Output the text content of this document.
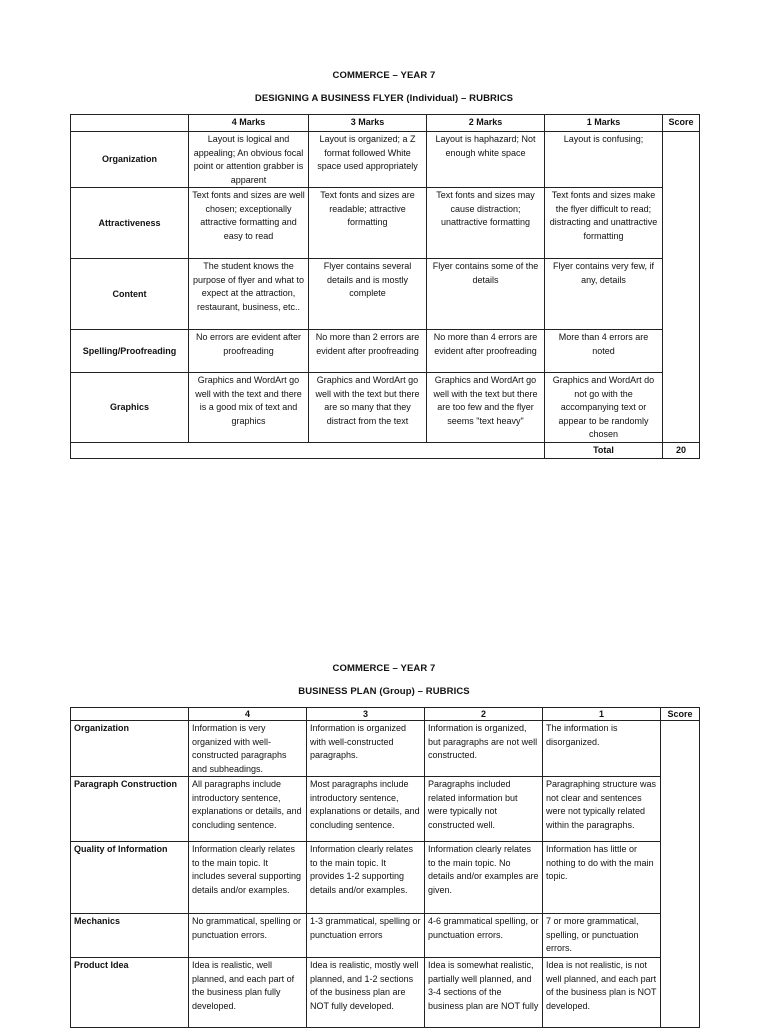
COMMERCE – YEAR 7
DESIGNING A BUSINESS FLYER (Individual) – RUBRICS
	4 Marks	3 Marks	2 Marks	1 Marks	Score
Organization	Layout is logical and appealing; An obvious focal point or attention grabber is apparent	Layout is organized; a Z format followed White space used appropriately	Layout is haphazard; Not enough white space	Layout is confusing;	
Attractiveness	Text fonts and sizes are well chosen; exceptionally attractive formatting and easy to read	Text fonts and sizes are readable; attractive formatting	Text fonts and sizes may cause distraction; unattractive formatting	Text fonts and sizes make the flyer difficult to read; distracting and unattractive formatting	
Content	The student knows the purpose of flyer and what to expect at the attraction, restaurant, business, etc..	Flyer contains several details and is mostly complete	Flyer contains some of the details	Flyer contains very few, if any, details	
Spelling/Proofreading	No errors are evident after proofreading	No more than 2 errors are evident after proofreading	No more than 4 errors are evident after proofreading	More than 4 errors are noted	
Graphics	Graphics and WordArt go well with the text and there is a good mix of text and graphics	Graphics and WordArt go well with the text but there are so many that they distract from the text	Graphics and WordArt go well with the text but there are too few and the flyer seems "text heavy"	Graphics and WordArt do not go with the accompanying text or appear to be randomly chosen	
				Total	20
COMMERCE – YEAR 7
BUSINESS PLAN (Group) – RUBRICS
	4	3	2	1	Score
Organization	Information is very organized with well-constructed paragraphs and subheadings.	Information is organized with well-constructed paragraphs.	Information is organized, but paragraphs are not well constructed.	The information is disorganized.	
Paragraph Construction	All paragraphs include introductory sentence, explanations or details, and concluding sentence.	Most paragraphs include introductory sentence, explanations or details, and concluding sentence.	Paragraphs included related information but were typically not constructed well.	Paragraphing structure was not clear and sentences were not typically related within the paragraphs.	
Quality of Information	Information clearly relates to the main topic. It includes several supporting details and/or examples.	Information clearly relates to the main topic. It provides 1-2 supporting details and/or examples.	Information clearly relates to the main topic. No details and/or examples are given.	Information has little or nothing to do with the main topic.	
Mechanics	No grammatical, spelling or punctuation errors.	1-3 grammatical, spelling or punctuation errors	4-6 grammatical spelling, or punctuation errors.	7 or more grammatical, spelling, or punctuation errors.	
Product Idea	Idea is realistic, well planned, and each part of the business plan fully developed.	Idea is realistic, mostly well planned, and 1-2 sections of the business plan are NOT fully developed.	Idea is somewhat realistic, partially well planned, and 3-4 sections of the business plan are NOT fully	Idea is not realistic, is not well planned, and each part of the business plan is NOT developed.	
